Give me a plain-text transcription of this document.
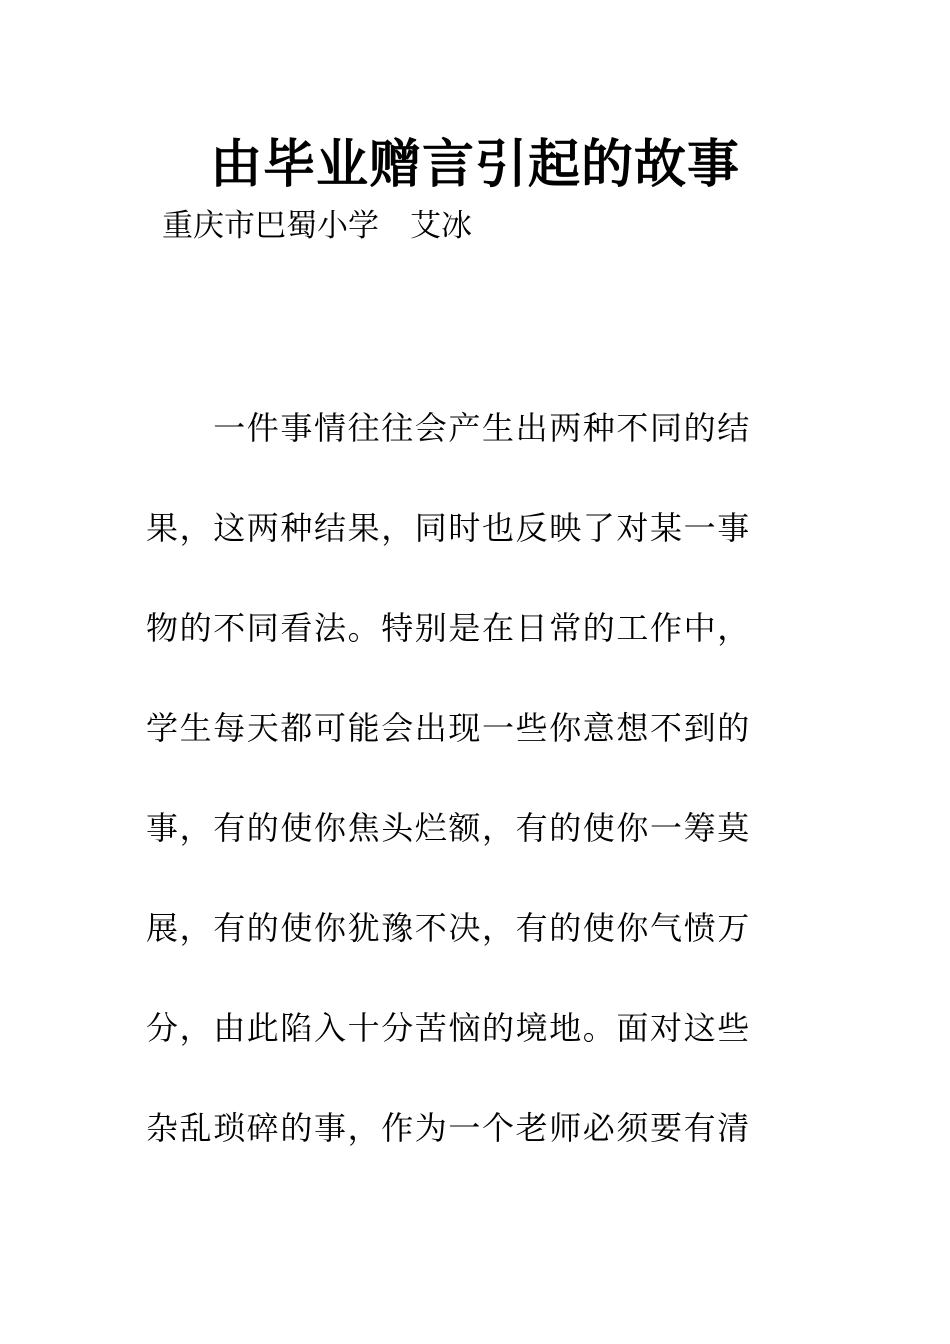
由毕业赠言引起的故事
重庆市巴蜀小学　艾冰
　　一件事情往往会产生出两种不同的结
果，这两种结果，同时也反映了对某一事
物的不同看法。特别是在日常的工作中，
学生每天都可能会出现一些你意想不到的
事，有的使你焦头烂额，有的使你一筹莫
展，有的使你犹豫不决，有的使你气愤万
分，由此陷入十分苦恼的境地。面对这些
杂乱琐碎的事，作为一个老师必须要有清
